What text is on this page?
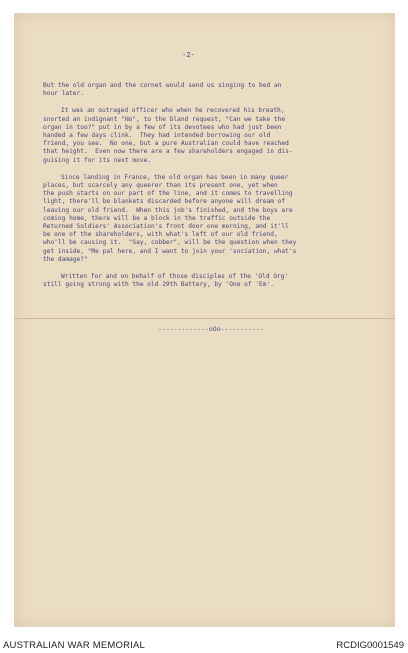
-2-

But the old organ and the cornet would send us singing to bed an
hour later.

It was an outraged officer who when he recovered his breath,
snorted an indignant "No", to the bland request, "Can we take the
organ in too?" put in by a few of its devotees who had just been
handed a few days clink.  They had intended borrowing our old
friend, you see.  No one, but a pure Australian could have reached
that height.  Even now there are a few shareholders engaged in dis-
guising it for its next move.

Since landing in France, the old organ has been in many queer
places, but scarcely any queerer than its present one, yet when
the push starts on our part of the line, and it comes to travelling
light, there'll be blankets discarded before anyone will dream of
leaving our old friend.  When this job's finished, and the boys are
coming home, there will be a block in the traffic outside the
Returned Soldiers' Association's front door one morning, and it'll
be one of the shareholders, with what's left of our old friend,
who'll be causing it.  "Say, cobber", will be the question when they
get inside, "Me pal here, and I want to join your 'sociation, what's
the damage?"

Written for and on behalf of those disciples of the 'Old Org'
still going strong with the old 29th Battery, by 'One of 'Em'.

-------------oOo-----------
AUSTRALIAN WAR MEMORIAL	RCDIG0001549
